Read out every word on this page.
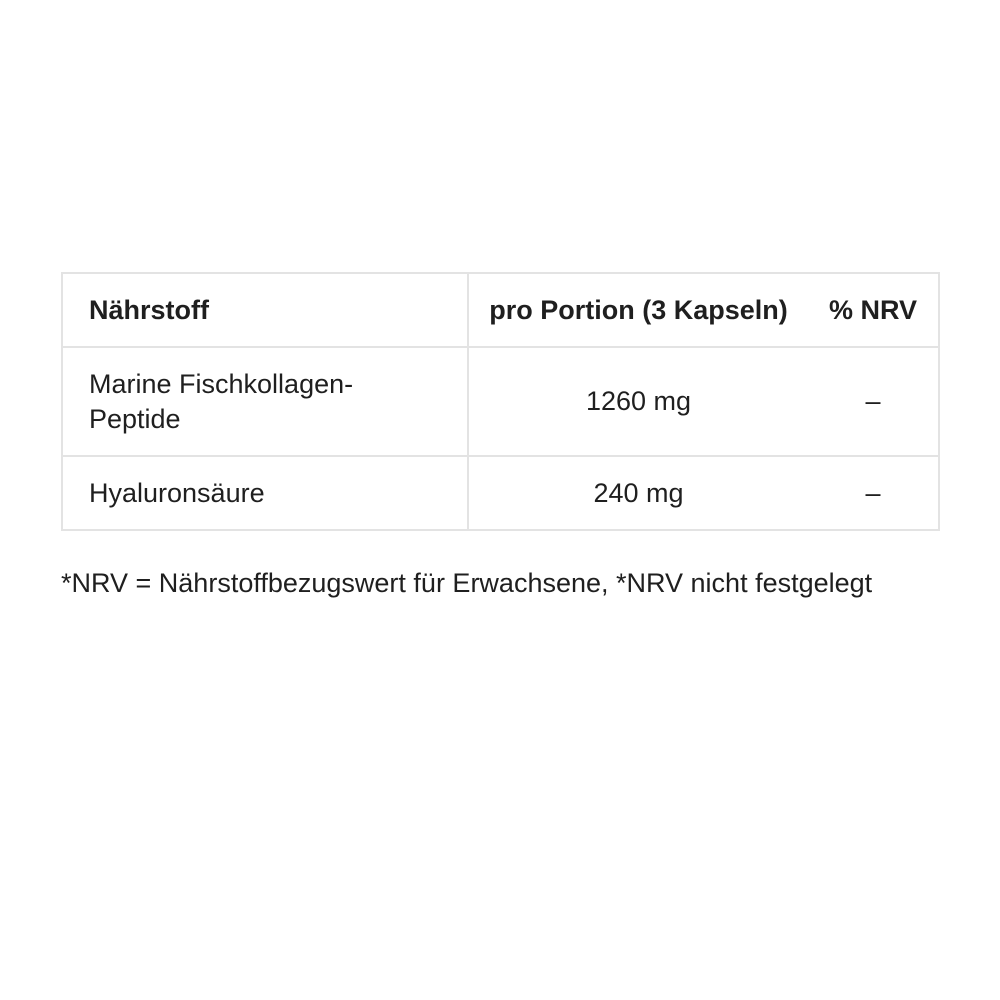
Nährstoff	pro Portion (3 Kapseln)	% NRV
Marine Fischkollagen-
Peptide	1260 mg	–
Hyaluronsäure	240 mg	–
*NRV = Nährstoffbezugswert für Erwachsene, *NRV nicht festgelegt
